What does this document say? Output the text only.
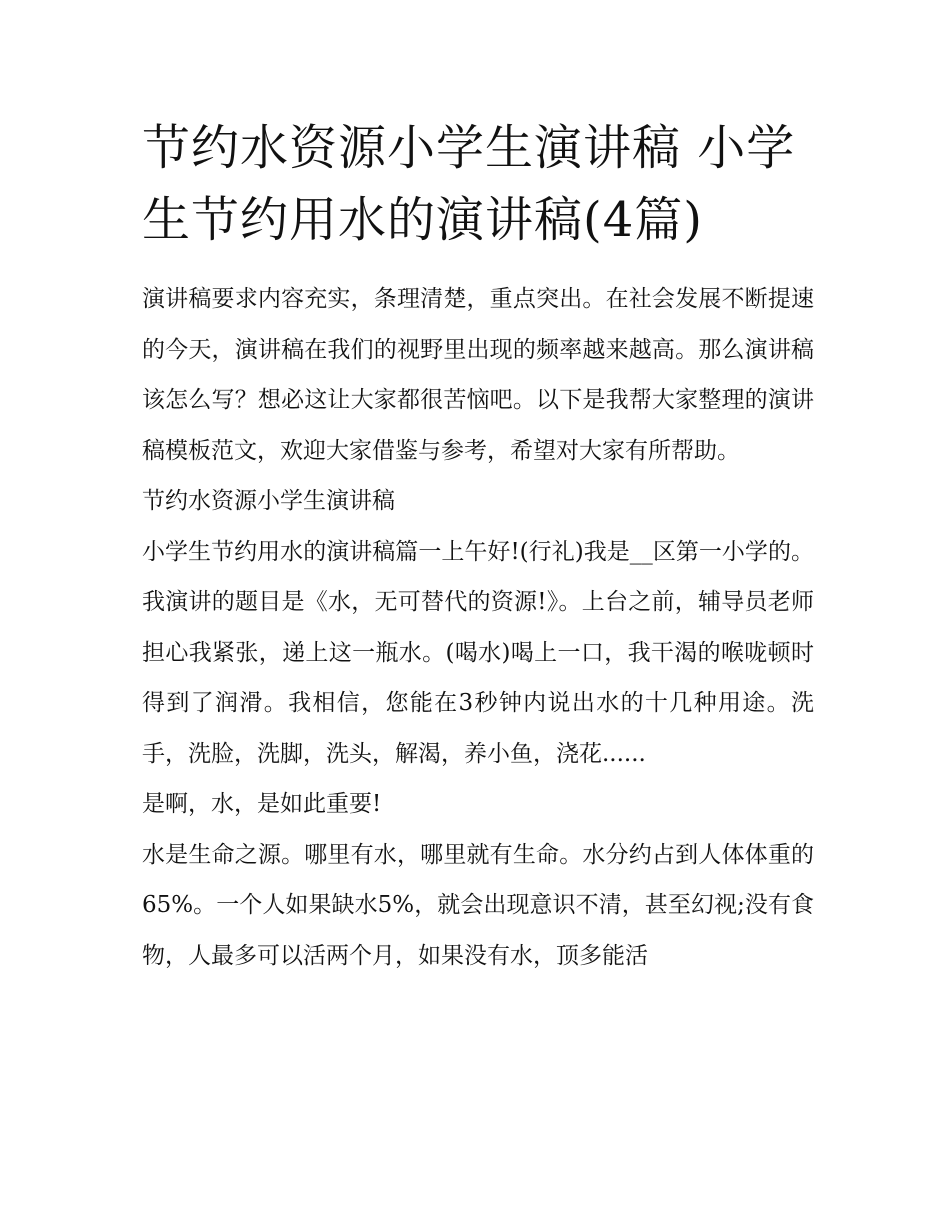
节约水资源小学生演讲稿 小学生节约用水的演讲稿(4篇)

演讲稿要求内容充实，条理清楚，重点突出。在社会发展不断提速的今天，演讲稿在我们的视野里出现的频率越来越高。那么演讲稿该怎么写？想必这让大家都很苦恼吧。以下是我帮大家整理的演讲稿模板范文，欢迎大家借鉴与参考，希望对大家有所帮助。

节约水资源小学生演讲稿

小学生节约用水的演讲稿篇一上午好!(行礼)我是__区第一小学的。我演讲的题目是《水，无可替代的资源!》。上台之前，辅导员老师担心我紧张，递上这一瓶水。(喝水)喝上一口，我干渴的喉咙顿时得到了润滑。我相信，您能在3秒钟内说出水的十几种用途。洗手，洗脸，洗脚，洗头，解渴，养小鱼，浇花......

是啊，水，是如此重要!

水是生命之源。哪里有水，哪里就有生命。水分约占到人体体重的65%。一个人如果缺水5%，就会出现意识不清，甚至幻视;没有食物，人最多可以活两个月，如果没有水，顶多能活
